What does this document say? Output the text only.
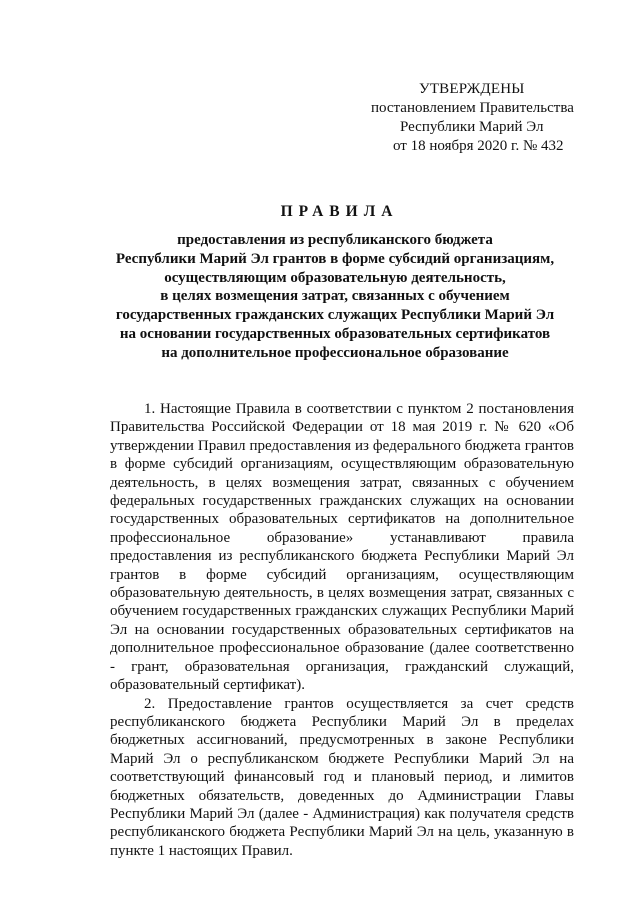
УТВЕРЖДЕНЫ
постановлением Правительства
Республики Марий Эл
от 18 ноября 2020 г. № 432
ПРАВИЛА
предоставления из республиканского бюджета
Республики Марий Эл грантов в форме субсидий организациям,
осуществляющим образовательную деятельность,
в целях возмещения затрат, связанных с обучением
государственных гражданских служащих Республики Марий Эл
на основании государственных образовательных сертификатов
на дополнительное профессиональное образование

1. Настоящие Правила в соответствии с пунктом 2 постановления Правительства Российской Федерации от 18 мая 2019 г. № 620 «Об утверждении Правил предоставления из федерального бюджета грантов в форме субсидий организациям, осуществляющим образовательную деятельность, в целях возмещения затрат, связанных с обучением федеральных государственных гражданских служащих на основании государственных образовательных сертификатов на дополнительное профессиональное образование» устанавливают правила предоставления из республиканского бюджета Республики Марий Эл грантов в форме субсидий организациям, осуществляющим образовательную деятельность, в целях возмещения затрат, связанных с обучением государственных гражданских служащих Республики Марий Эл на основании государственных образовательных сертификатов на дополнительное профессиональное образование (далее соответственно - грант, образовательная организация, гражданский служащий, образовательный сертификат).

2. Предоставление грантов осуществляется за счет средств республиканского бюджета Республики Марий Эл в пределах бюджетных ассигнований, предусмотренных в законе Республики Марий Эл о республиканском бюджете Республики Марий Эл на соответствующий финансовый год и плановый период, и лимитов бюджетных обязательств, доведенных до Администрации Главы Республики Марий Эл (далее - Администрация) как получателя средств республиканского бюджета Республики Марий Эл на цель, указанную в пункте 1 настоящих Правил.
